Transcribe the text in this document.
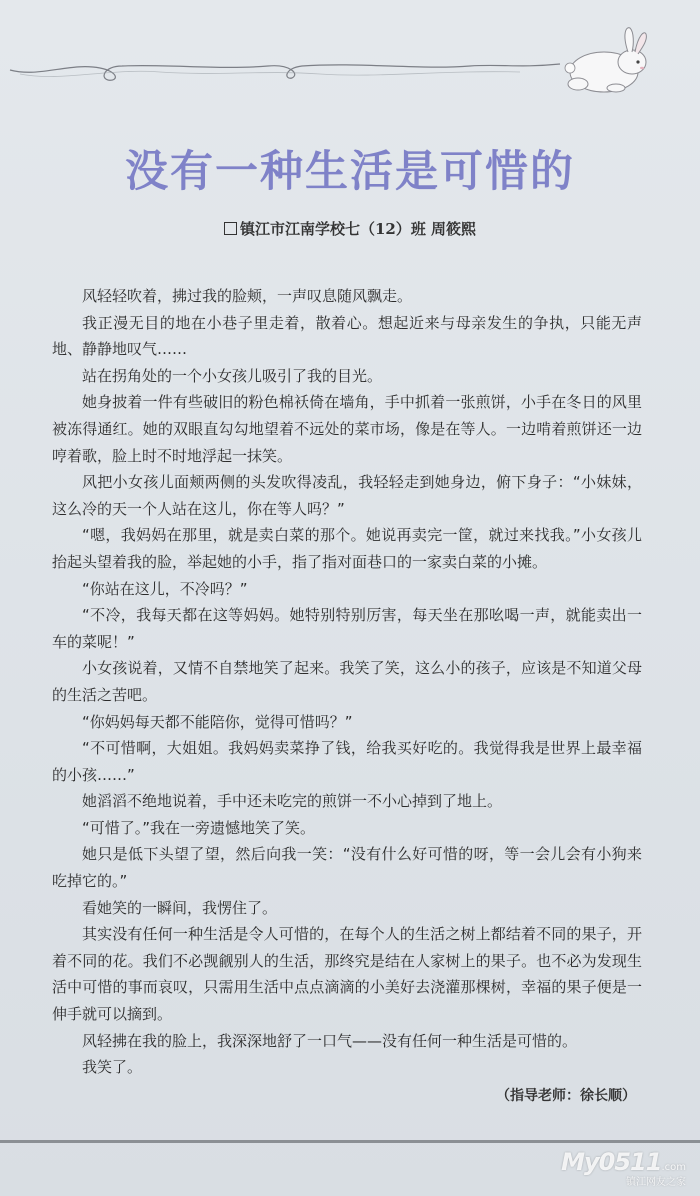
没有一种生活是可惜的
镇江市江南学校七（12）班 周筱熙

风轻轻吹着，拂过我的脸颊，一声叹息随风飘走。

我正漫无目的地在小巷子里走着，散着心。想起近来与母亲发生的争执，只能无声地、静静地叹气……

站在拐角处的一个小女孩儿吸引了我的目光。

她身披着一件有些破旧的粉色棉袄倚在墙角，手中抓着一张煎饼，小手在冬日的风里被冻得通红。她的双眼直勾勾地望着不远处的菜市场，像是在等人。一边啃着煎饼还一边哼着歌，脸上时不时地浮起一抹笑。

风把小女孩儿面颊两侧的头发吹得凌乱，我轻轻走到她身边，俯下身子：“小妹妹，这么冷的天一个人站在这儿，你在等人吗？”

“嗯，我妈妈在那里，就是卖白菜的那个。她说再卖完一筐，就过来找我。”小女孩儿抬起头望着我的脸，举起她的小手，指了指对面巷口的一家卖白菜的小摊。

“你站在这儿，不冷吗？”

“不冷，我每天都在这等妈妈。她特别特别厉害，每天坐在那吆喝一声，就能卖出一车的菜呢！”

小女孩说着，又情不自禁地笑了起来。我笑了笑，这么小的孩子，应该是不知道父母的生活之苦吧。

“你妈妈每天都不能陪你，觉得可惜吗？”

“不可惜啊，大姐姐。我妈妈卖菜挣了钱，给我买好吃的。我觉得我是世界上最幸福的小孩……”

她滔滔不绝地说着，手中还未吃完的煎饼一不小心掉到了地上。

“可惜了。”我在一旁遗憾地笑了笑。

她只是低下头望了望，然后向我一笑：“没有什么好可惜的呀，等一会儿会有小狗来吃掉它的。”

看她笑的一瞬间，我愣住了。

其实没有任何一种生活是令人可惜的，在每个人的生活之树上都结着不同的果子，开着不同的花。我们不必觊觎别人的生活，那终究是结在人家树上的果子。也不必为发现生活中可惜的事而哀叹，只需用生活中点点滴滴的小美好去浇灌那棵树，幸福的果子便是一伸手就可以摘到。

风轻拂在我的脸上，我深深地舒了一口气——没有任何一种生活是可惜的。

我笑了。

（指导老师：徐长顺）
My0511.com
镇江网友之家
